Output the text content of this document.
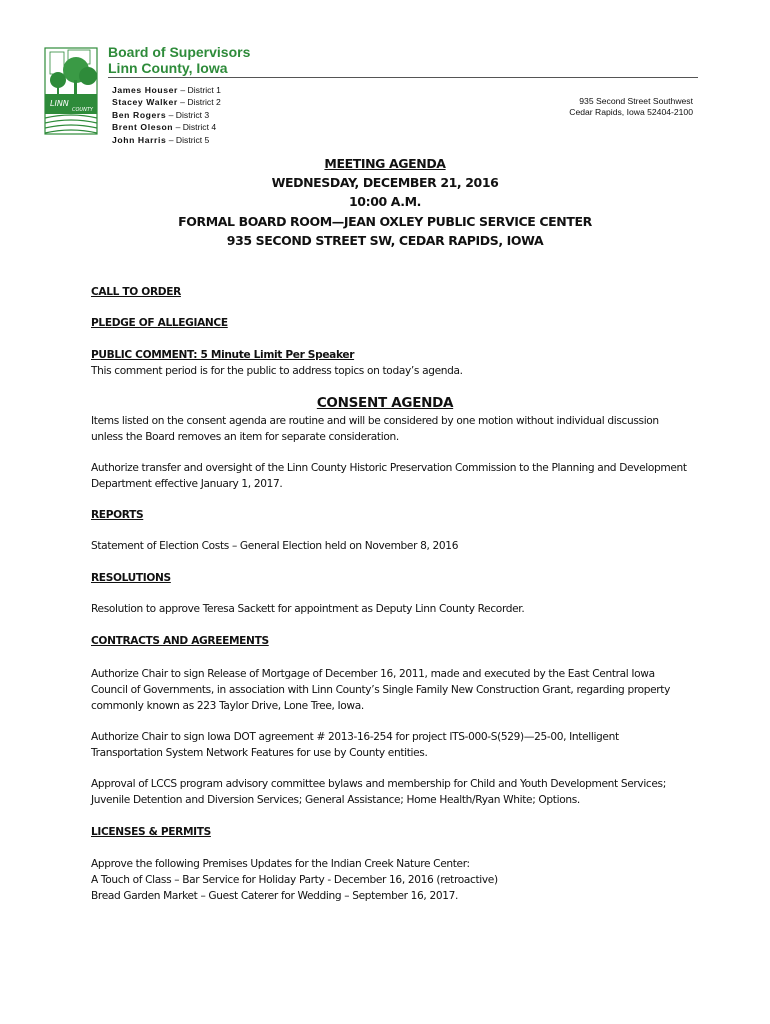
LINN
COUNTY
Board of Supervisors
Linn County, Iowa
James Houser – District 1
Stacey Walker – District 2
Ben Rogers – District 3
Brent Oleson – District 4
John Harris – District 5
935 Second Street Southwest
Cedar Rapids, Iowa 52404-2100
MEETING AGENDA
WEDNESDAY, DECEMBER 21, 2016
10:00 A.M.
FORMAL BOARD ROOM—JEAN OXLEY PUBLIC SERVICE CENTER
935 SECOND STREET SW, CEDAR RAPIDS, IOWA
CALL TO ORDER
PLEDGE OF ALLEGIANCE
PUBLIC COMMENT: 5 Minute Limit Per Speaker
This comment period is for the public to address topics on today’s agenda.
CONSENT AGENDA
Items listed on the consent agenda are routine and will be considered by one motion without individual discussion unless the Board removes an item for separate consideration.
Authorize transfer and oversight of the Linn County Historic Preservation Commission to the Planning and Development Department effective January 1, 2017.
REPORTS
Statement of Election Costs – General Election held on November 8, 2016
RESOLUTIONS
Resolution to approve Teresa Sackett for appointment as Deputy Linn County Recorder.
CONTRACTS AND AGREEMENTS
Authorize Chair to sign Release of Mortgage of December 16, 2011, made and executed by the East Central Iowa Council of Governments, in association with Linn County’s Single Family New Construction Grant, regarding property commonly known as 223 Taylor Drive, Lone Tree, Iowa.
Authorize Chair to sign Iowa DOT agreement # 2013-16-254 for project ITS-000-S(529)—25-00, Intelligent Transportation System Network Features for use by County entities.
Approval of LCCS program advisory committee bylaws and membership for Child and Youth Development Services; Juvenile Detention and Diversion Services; General Assistance; Home Health/Ryan White; Options.
LICENSES & PERMITS
Approve the following Premises Updates for the Indian Creek Nature Center:
A Touch of Class – Bar Service for Holiday Party - December 16, 2016 (retroactive)
Bread Garden Market – Guest Caterer for Wedding – September 16, 2017.
